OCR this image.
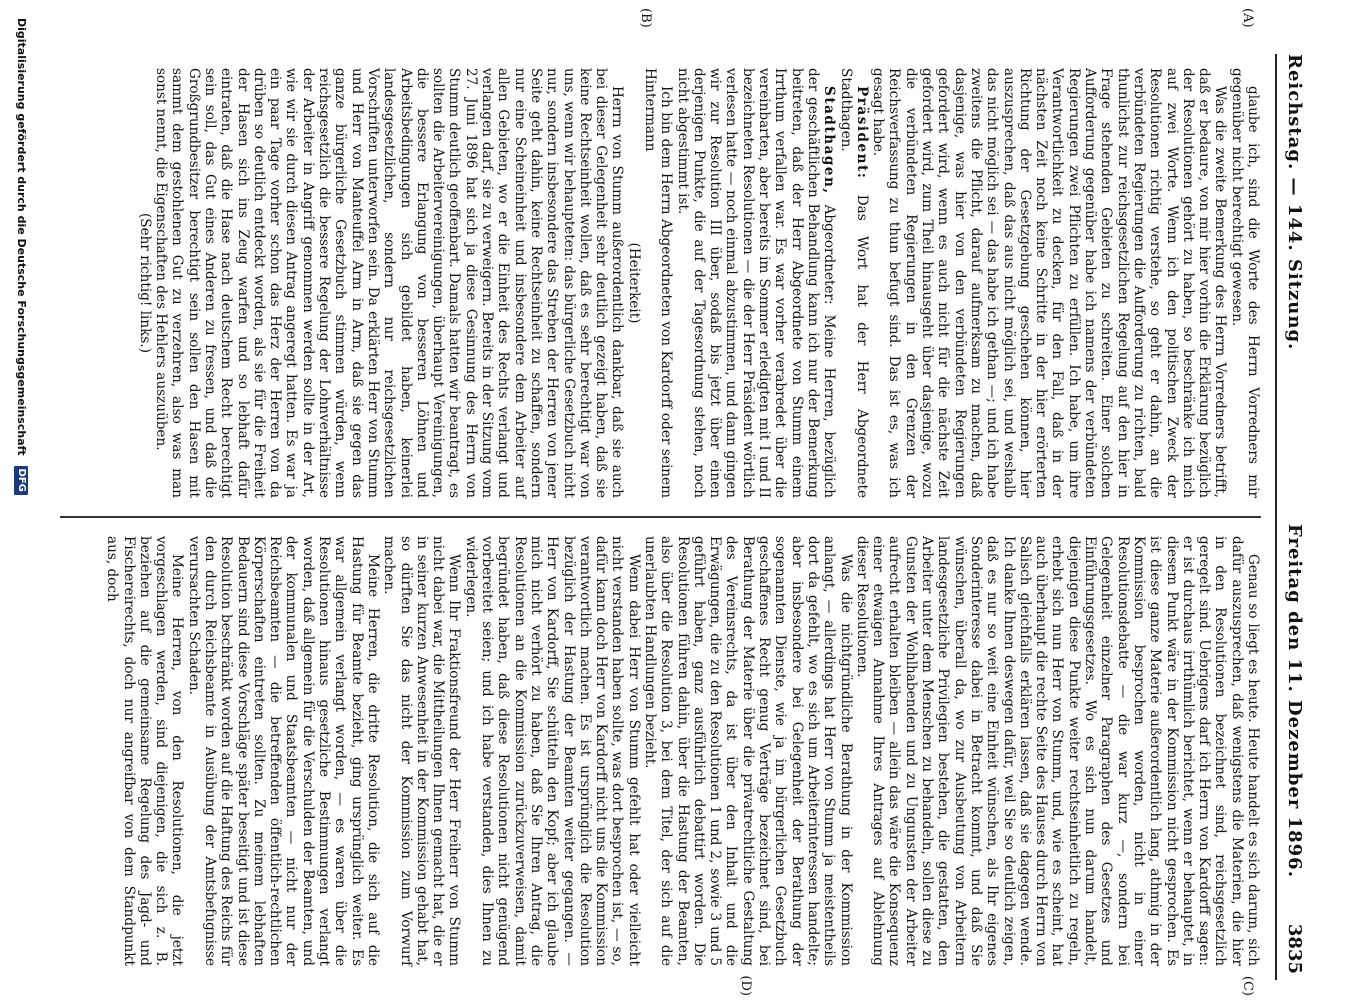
Reichstag. — 144. Sitzung.
Freitag den 11. Dezember 1896.
3835
(A)
(B)
(C)
(D)

glaube ich, sind die Worte des Herrn Vorredners mir gegenüber nicht berechtigt gewesen.

Was die zweite Bemerkung des Herrn Vorredners betrifft, daß er bedaure, von mir hier vorhin die Erklärung bezüglich der Resolutionen gehört zu haben, so beschränke ich mich auf zwei Worte. Wenn ich den politischen Zweck der Resolutionen richtig verstehe, so geht er dahin, an die verbündeten Regierungen die Aufforderung zu richten, bald thunlichst zur reichsgesetzlichen Regelung auf den hier in Frage stehenden Gebieten zu schreiten. Einer solchen Aufforderung gegenüber habe ich namens der verbündeten Regierungen zwei Pflichten zu erfüllen. Ich habe, um ihre Verantwortlichkeit zu decken, für den Fall, daß in der nächsten Zeit noch keine Schritte in der hier erörterten Richtung der Gesetzgebung geschehen können, hier auszusprechen, daß das aus nicht möglich sei, und weshalb das nicht möglich sei — das habe ich gethan —; und ich habe zweitens die Pflicht, darauf aufmerksam zu machen, daß dasjenige, was hier von den verbündeten Regierungen gefordert wird, wenn es auch nicht für die nächste Zeit gefordert wird, zum Theil hinausgeht über dasjenige, wozu die verbündeten Regierungen in den Grenzen der Reichsverfassung zu thun befugt sind. Das ist es, was ich gesagt habe.

Präsident: Das Wort hat der Herr Abgeordnete Stadthagen.

Stadthagen, Abgeordneter: Meine Herren, bezüglich der geschäftlichen Behandlung kann ich nur der Bemerkung beitreten, daß der Herr Abgeordnete von Stumm einem Irrthum verfallen war. Es war vorher verabredet über die vereinbarten, aber bereits im Sommer erledigten mit I und II bezeichneten Resolutionen — die der Herr Präsident wörtlich verlesen hatte — noch einmal abzustimmen, und dann gingen wir zur Resolution III über, sodaß bis jetzt über einen derjenigen Punkte, die auf der Tagesordnung stehen, noch nicht abgestimmt ist.

Ich bin dem Herrn Abgeordneten von Kardorff oder seinem Hintermann

(Heiterkeit)

Herrn von Stumm außerordentlich dankbar, daß sie auch bei dieser Gelegenheit sehr deutlich gezeigt haben, daß sie keine Rechtseinheit wollen, daß es sehr berechtigt war von uns, wenn wir behaupteten: das bürgerliche Gesetzbuch nicht nur, sondern insbesondere das Streben der Herren von jener Seite geht dahin, keine Rechtseinheit zu schaffen, sondern nur eine Scheineinheit und insbesondere dem Arbeiter auf allen Gebieten, wo er die Einheit des Rechts verlangt und verlangen darf, sie zu verweigern. Bereits in der Sitzung vom 27. Juni 1896 hat sich ja diese Gesinnung des Herrn von Stumm deutlich geoffenbart. Damals hatten wir beantragt, es sollten die Arbeitervereinigungen, überhaupt Vereinigungen, die bessere Erlangung von besseren Löhnen und Arbeitsbedingungen sich gebildet haben, keinerlei landesgesetzlichen, sondern nur reichsgesetzlichen Vorschriften unterworfen sein. Da erklärten Herr von Stumm und Herr von Manteuffel Arm in Arm, daß sie gegen das ganze bürgerliche Gesetzbuch stimmen würden, wenn reichsgesetzlich die bessere Regelung der Lohnverhältnisse der Arbeiter in Angriff genommen werden sollte in der Art, wie wir sie durch diesen Antrag angeregt hatten. Es war ja ein paar Tage vorher schon das Herz der Herren von da drüben so deutlich entdeckt worden, als sie für die Freiheit der Hasen sich ins Zeug warfen und so lebhaft dafür eintraten, daß die Hase nach deutschem Recht berechtigt sein soll, das Gut eines Anderen zu fressen, und daß die Großgrundbesitzer berechtigt sein sollen den Hasen mit sammt dem gestohlenen Gut zu verzehren, also was man sonst nennt, die Eigenschaften des Hehlers auszuüben.

(Sehr richtig! links.)

Genau so liegt es heute. Heute handelt es sich darum, sich dafür auszusprechen, daß wenigstens die Materien, die hier in den Resolutionen bezeichnet sind, reichsgesetzlich geregelt sind. Uebrigens darf ich Herrn von Kardorff sagen: er ist durchaus irrthümlich berichtet, wenn er behauptet, in diesem Punkt wäre in der Kommission nicht gesprochen. Es ist diese ganze Materie außerordentlich lang, athmig in der Kommission besprochen worden, nicht in einer Resolutionsdebatte — die war kurz —, sondern bei Gelegenheit einzelner Paragraphen des Gesetzes und Einführungsgesetzes. Wo es sich nun darum handelt, diejenigen diese Punkte weiter rechtseinheitlich zu regeln, erhebt sich nun Herr von Stumm, und, wie es scheint, hat auch überhaupt die rechte Seite des Hauses durch Herrn von Salisch gleichfalls erklären lassen, daß sie dagegen wende. Ich danke Ihnen deswegen dafür, weil Sie so deutlich zeigen, daß es nur so weit eine Einheit wünschen, als Ihr eigenes Sonderinteresse dabei in Betracht kommt, und daß Sie wünschen, überall da, wo zur Ausbeutung von Arbeitern landesgesetzliche Privilegien bestehen, die gestatten, den Arbeiter unter dem Menschen zu behandeln, sollen diese zu Gunsten der Wohlhabenden und zu Ungunsten der Arbeiter aufrecht erhalten bleiben — allein das wäre die Konsequenz einer etwaigen Annahme Ihres Antrages auf Ablehnung dieser Resolutionen.

Was die nichtgründliche Berathung in der Kommission anlangt, — allerdings hat Herr von Stumm ja meistentheils dort da gefehlt, wo es sich um Arbeiterinteressen handelte; aber insbesondere bei Gelegenheit der Berathung der sogenannten Dienste, wie ja im bürgerlichen Gesetzbuch geschaffenes Recht genug Verträge bezeichnet sind, bei Berathung der Materie über die privatrechtliche Gestaltung des Vereinsrechts, da ist über den Inhalt und die Erwägungen, die zu den Resolutionen 1 und 2, sowie 3 und 5 geführt haben, ganz ausführlich debattirt worden. Die Resolutionen führen dahin, über die Hastung der Beamten, also über die Resolution 3, bei dem Titel, der sich auf die unerlaubten Handlungen bezieht.

Wenn dabei Herr von Stumm gefehlt hat oder vielleicht nicht verstanden haben sollte, was dort besprochen ist, — so, dafür kann doch Herr von Kardorff nicht uns die Kommission verantwortlich machen. Es ist ursprünglich die Resolution bezüglich der Hastung der Beamten weiter gegangen. — Herr von Kardorff, Sie schütteln den Kopf; aber ich glaube mich nicht verhört zu haben, daß Sie Ihren Antrag, die Resolutionen an die Kommission zurückzuverweisen, damit begründet haben, daß diese Resolutionen nicht genügend vorbereitet seien; und ich habe verstanden, dies Ihnen zu widerlegen.

Wenn Ihr Fraktionsfreund der Herr Freiherr von Stumm nicht dabei war, die Mittheilungen Ihnen gemacht hat, die er in seiner kurzen Anwesenheit in der Kommission gehabt hat, so dürften Sie das nicht der Kommission zum Vorwurf machen.

Meine Herren, die dritte Resolution, die sich auf die Hastung für Beamte bezieht, ging ursprünglich weiter. Es war allgemein verlangt worden, — es waren über die Resolutionen hinaus gesetzliche Bestimmungen verlangt worden, daß allgemein für die Verschulden der Beamten, und der kommunalen und Staatsbeamten — nicht nur der Reichsbeamten — die betreffenden öffentlich-rechtlichen Körperschaften eintreten sollten. Zu meinem lebhaften Bedauern sind diese Vorschläge später beseitigt und ist diese Resolution beschränkt worden auf die Haftung des Reichs für den durch Reichsbeamte in Ausübung der Amtsbefugnisse verursachten Schaden.

Meine Herren, von den Resolutionen, die jetzt vorgeschlagen werden, sind diejenigen, die sich z. B. beziehen auf die gemeinsame Regelung des Jagd- und Fischereirechts, doch nur angreifbar von dem Standpunkt aus, doch

Digitalisierung gefördert durch die Deutsche Forschungsgemeinschaft DFG
